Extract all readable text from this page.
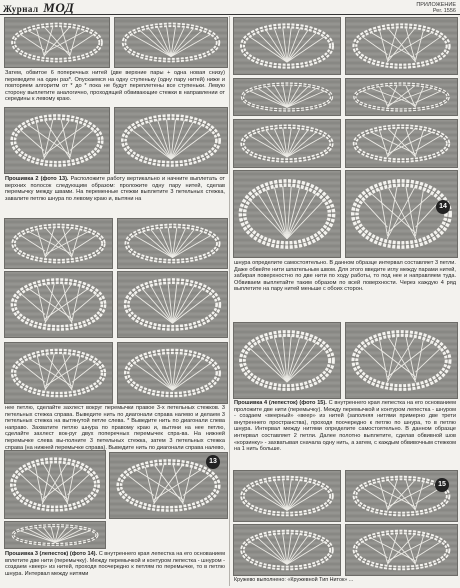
Журнал МОД	ПРИЛОЖЕНИЕ
Рег. 1556
13
14
15
Затем, обвитое 6 поперечных нитей (две верхние пары + одна новая снизу) переведите на один раз*. Опускаемся на одну ступеньку (одну пару нитей) ниже и повторяем алгоритм от * до * пока не будут переплетены все ступеньки. Левую сторону выплетите аналогично, проходящей обвивающие стежки в направлении от середины к левому краю.
Прошивка 2 (фото 13). Расположите работу вертикально и начните выплетать от верхних полосок следующим образом: проложите одну пару нитей, сделав перемычку между швами. На переменные стежки выплетите 3 петельных стежка, завалите петлю шнура по левому краю и, вытяни на
нее петлю, сделайте захлест вокруг перемычки правое 3-х петельных стежков. 3 петельных стежка справа. Выведите нить по диагонали справа налево и делаем 3 петельных стежка на вытянутой петле слева. * Выведите нить по диагонали слева направо. Захватите петлю шнура по правому краю и, вытяни на нее петлю, сделайте захлест вок-руг двух поперечных перемычек спра-ва. На нижней перемычке слева вы-полните 3 петельных стежка, затем 3 петельных стежка справа (на нижней перемычке справа). Выведите нить по диагонали справа налево,
Прошивка 3 (лепесток) (фото 14). С внутреннего края лепестка на его основанием вплетите две нити (перемычку). Между перемычкой и контуром лепестка - шнуром - создаем «веер» из нитей, проходя поочередно к петлям по перемычке, то в петлю шнура. Интервал между нитями
шнура определите самостоятельно. В данном образце интервал составляет 3 петли. Даже обвейте нити шпательным швом. Для этого введите иглу между парами нитей, забирая поверхностно по две нити по ходу работы, то под нее и направляем туда. Обвиваем выплетайте таким образом по всей поверхности. Через каждую 4 ряд выплетите на пару нитей меньше с обоих сторон.
Прошивка 4 (лепесток) (фото 15). С внутреннего края лепестка на его основанием проложите две нити (перемычку). Между перемычкой и контуром лепестка - шнуром - создаем «веерный» «веер» из нитей (заполняя нитями примерно две трети внутреннего пространства), проходя поочередно к петлю по шнура, то в петлю шнура. Интервал между нитями определите самостоятельно. В данном образце интервал составляет 2 петли. Далее полотно выплетите, сделав обвивной шов «корзинку» - захватывая сначала одну нить, а затем, с каждым обвивочным стежком на 1 нить больше.
Кружево выполнено: «Кружевной Тип Ниток» ...
